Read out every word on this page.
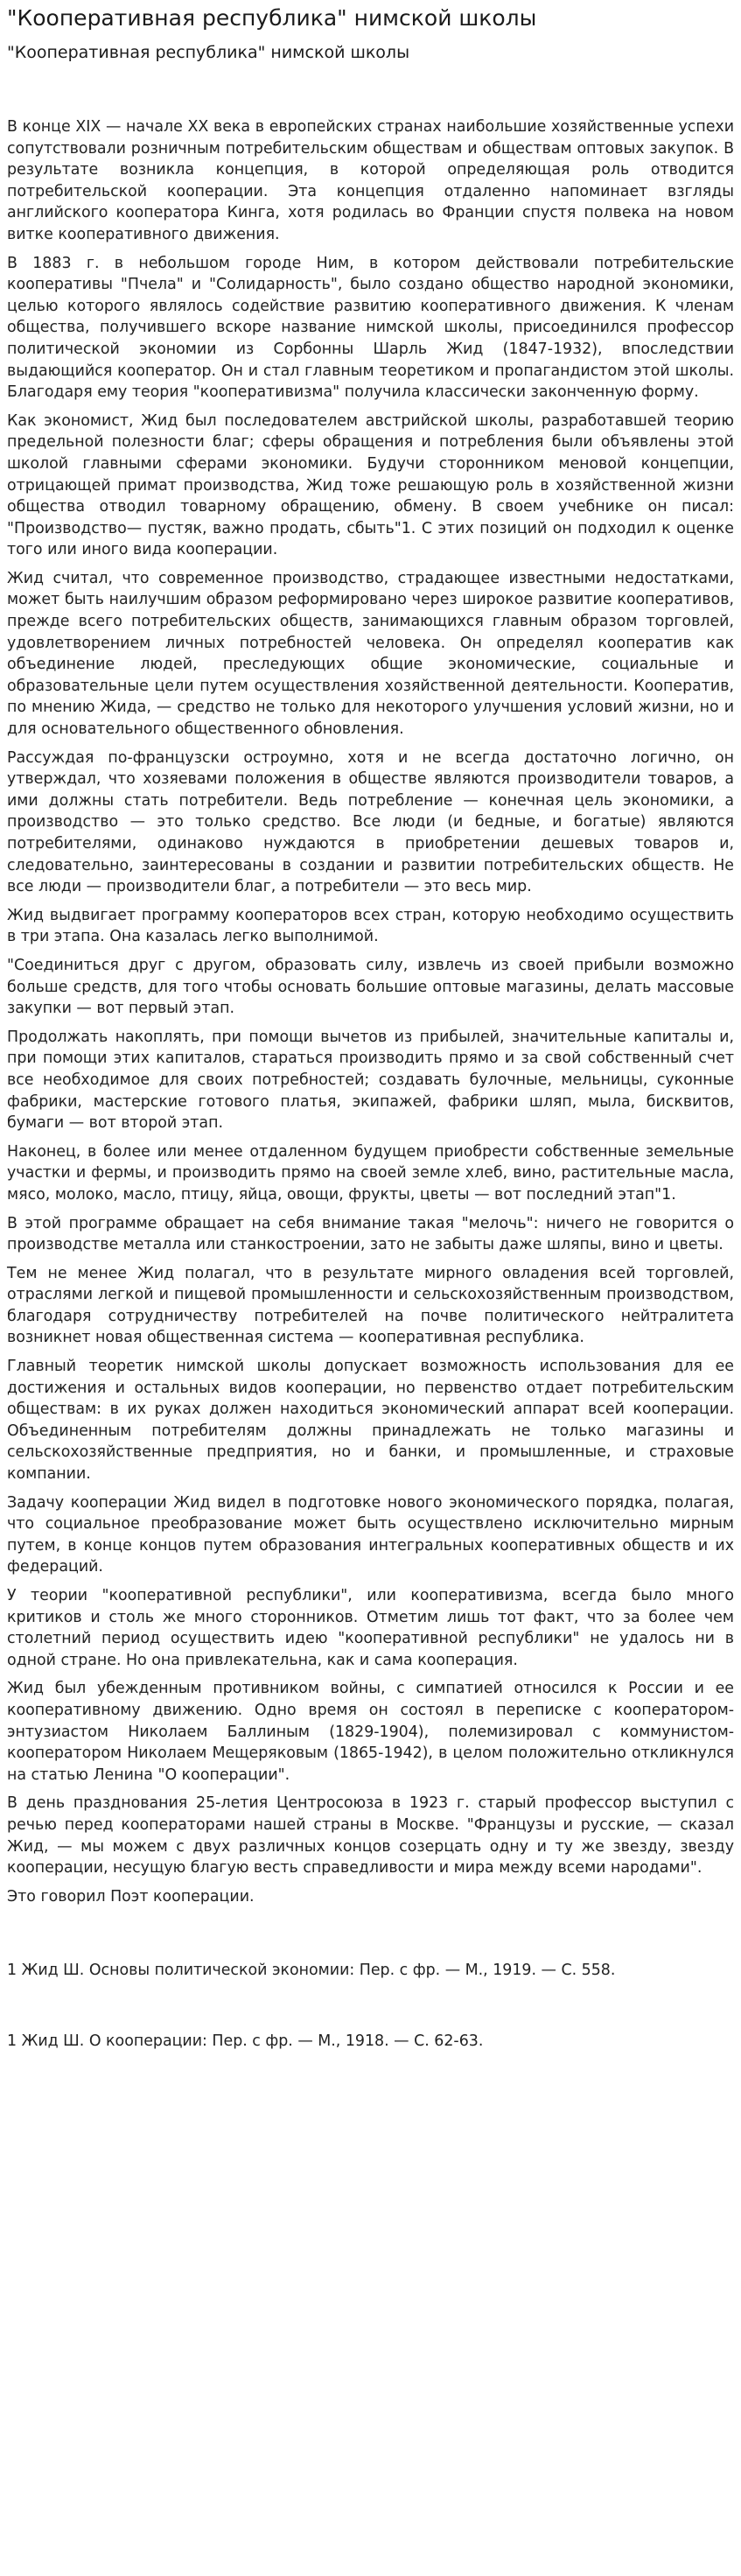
"Кооперативная республика" нимской школы
"Кооперативная республика" нимской школы

В конце XIX — начале XX века в европейских странах наибольшие хозяйственные успехи сопутствовали розничным потребительским обществам и обществам оптовых закупок. В результате возникла концепция, в которой определяющая роль отводится потребительской кооперации. Эта концепция отдаленно напоминает взгляды английского кооператора Кинга, хотя родилась во Франции спустя полвека на новом витке кооперативного движения.

В 1883 г. в небольшом городе Ним, в котором действовали потребительские кооперативы "Пчела" и "Солидарность", было создано общество народной экономики, целью которого являлось содействие развитию кооперативного движения. К членам общества, получившего вскоре название нимской школы, присоединился профессор политической экономии из Сорбонны Шарль Жид (1847-1932), впоследствии выдающийся кооператор. Он и стал главным теоретиком и пропагандистом этой школы. Благодаря ему теория "кооперативизма" получила классически законченную форму.

Как экономист, Жид был последователем австрийской школы, разработавшей теорию предельной полезности благ; сферы обращения и потребления были объявлены этой школой главными сферами экономики. Будучи сторонником меновой концепции, отрицающей примат производства, Жид тоже решающую роль в хозяйственной жизни общества отводил товарному обращению, обмену. В своем учебнике он писал: "Производство— пустяк, важно продать, сбыть"1. С этих позиций он подходил к оценке того или иного вида кооперации.

Жид считал, что современное производство, страдающее известными недостатками, может быть наилучшим образом реформировано через широкое развитие кооперативов, прежде всего потребительских обществ, занимающихся главным образом торговлей, удовлетворением личных потребностей человека. Он определял кооператив как объединение людей, преследующих общие экономические, социальные и образовательные цели путем осуществления хозяйственной деятельности. Кооператив, по мнению Жида, — средство не только для некоторого улучшения условий жизни, но и для основательного общественного обновления.

Рассуждая по-французски остроумно, хотя и не всегда достаточно логично, он утверждал, что хозяевами положения в обществе являются производители товаров, а ими должны стать потребители. Ведь потребление — конечная цель экономики, а производство — это только средство. Все люди (и бедные, и богатые) являются потребителями, одинаково нуждаются в приобретении дешевых товаров и, следовательно, заинтересованы в создании и развитии потребительских обществ. Не все люди — производители благ, а потребители — это весь мир.

Жид выдвигает программу кооператоров всех стран, которую необходимо осуществить в три этапа. Она казалась легко выполнимой.

"Соединиться друг с другом, образовать силу, извлечь из своей прибыли возможно больше средств, для того чтобы основать большие оптовые магазины, делать массовые закупки — вот первый этап.

Продолжать накоплять, при помощи вычетов из прибылей, значительные капиталы и, при помощи этих капиталов, стараться производить прямо и за свой собственный счет все необходимое для своих потребностей; создавать булочные, мельницы, суконные фабрики, мастерские готового платья, экипажей, фабрики шляп, мыла, бисквитов, бумаги — вот второй этап.

Наконец, в более или менее отдаленном будущем приобрести собственные земельные участки и фермы, и производить прямо на своей земле хлеб, вино, растительные масла, мясо, молоко, масло, птицу, яйца, овощи, фрукты, цветы — вот последний этап"1.

В этой программе обращает на себя внимание такая "мелочь": ничего не говорится о производстве металла или станкостроении, зато не забыты даже шляпы, вино и цветы.

Тем не менее Жид полагал, что в результате мирного овладения всей торговлей, отраслями легкой и пищевой промышленности и сельскохозяйственным производством, благодаря сотрудничеству потребителей на почве политического нейтралитета возникнет новая общественная система — кооперативная республика.

Главный теоретик нимской школы допускает возможность использования для ее достижения и остальных видов кооперации, но первенство отдает потребительским обществам: в их руках должен находиться экономический аппарат всей кооперации. Объединенным потребителям должны принадлежать не только магазины и сельскохозяйственные предприятия, но и банки, и промышленные, и страховые компании.

Задачу кооперации Жид видел в подготовке нового экономического порядка, полагая, что социальное преобразование может быть осуществлено исключительно мирным путем, в конце концов путем образования интегральных кооперативных обществ и их федераций.

У теории "кооперативной республики", или кооперативизма, всегда было много критиков и столь же много сторонников. Отметим лишь тот факт, что за более чем столетний период осуществить идею "кооперативной республики" не удалось ни в одной стране. Но она привлекательна, как и сама кооперация.

Жид был убежденным противником войны, с симпатией относился к России и ее кооперативному движению. Одно время он состоял в переписке с кооператором-энтузиастом Николаем Баллиным (1829-1904), полемизировал с коммунистом-кооператором Николаем Мещеряковым (1865-1942), в целом положительно откликнулся на статью Ленина "О кооперации".

В день празднования 25-летия Центросоюза в 1923 г. старый профессор выступил с речью перед кооператорами нашей страны в Москве. "Французы и русские, — сказал Жид, — мы можем с двух различных концов созерцать одну и ту же звезду, звезду кооперации, несущую благую весть справедливости и мира между всеми народами".

Это говорил Поэт кооперации.

1 Жид Ш. Основы политической экономии: Пер. с фр. — М., 1919. — С. 558.

1 Жид Ш. О кооперации: Пер. с фр. — М., 1918. — С. 62-63.
